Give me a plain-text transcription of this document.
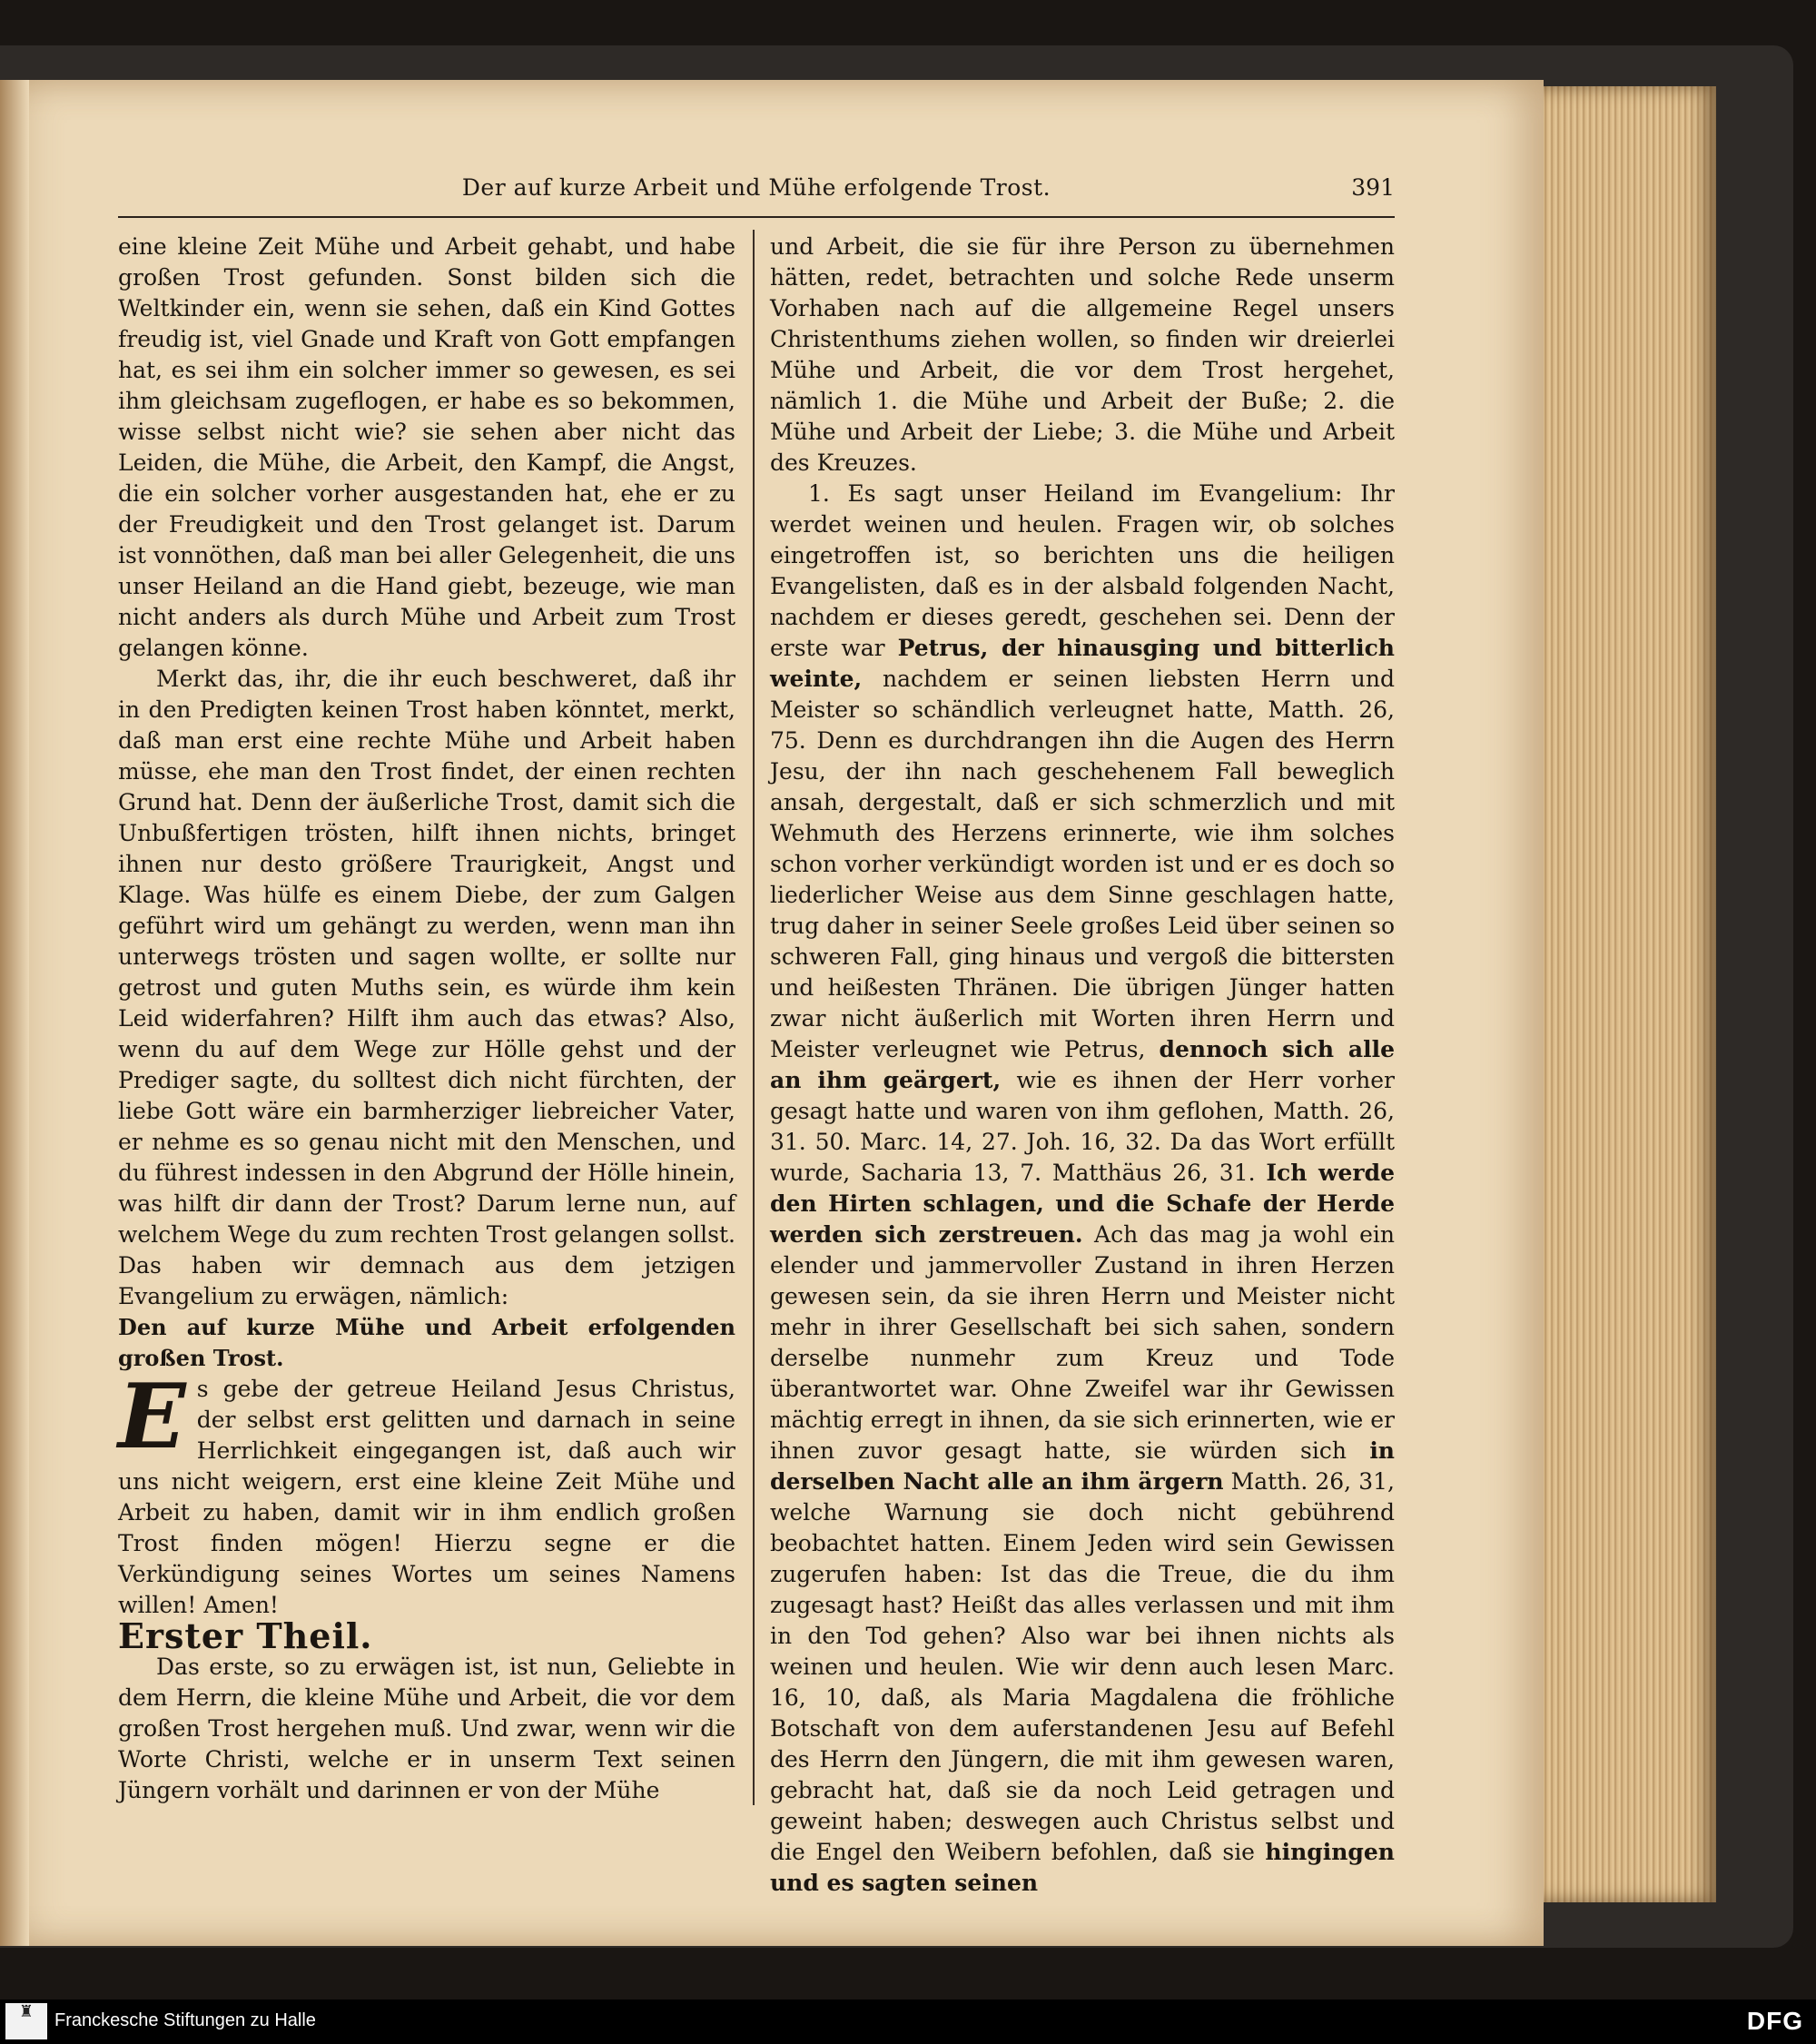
Der auf kurze Arbeit und Mühe erfolgende Trost.	391

eine kleine Zeit Mühe und Arbeit gehabt, und habe großen Trost gefunden. Sonst bilden sich die Weltkinder ein, wenn sie sehen, daß ein Kind Gottes freudig ist, viel Gnade und Kraft von Gott empfangen hat, es sei ihm ein solcher immer so gewesen, es sei ihm gleichsam zugeflogen, er habe es so bekommen, wisse selbst nicht wie? sie sehen aber nicht das Leiden, die Mühe, die Arbeit, den Kampf, die Angst, die ein solcher vorher ausgestanden hat, ehe er zu der Freudigkeit und den Trost gelanget ist. Darum ist vonnöthen, daß man bei aller Gelegenheit, die uns unser Heiland an die Hand giebt, bezeuge, wie man nicht anders als durch Mühe und Arbeit zum Trost gelangen könne.

Merkt das, ihr, die ihr euch beschweret, daß ihr in den Predigten keinen Trost haben könntet, merkt, daß man erst eine rechte Mühe und Arbeit haben müsse, ehe man den Trost findet, der einen rechten Grund hat. Denn der äußerliche Trost, damit sich die Unbußfertigen trösten, hilft ihnen nichts, bringet ihnen nur desto größere Traurigkeit, Angst und Klage. Was hülfe es einem Diebe, der zum Galgen geführt wird um gehängt zu werden, wenn man ihn unterwegs trösten und sagen wollte, er sollte nur getrost und guten Muths sein, es würde ihm kein Leid widerfahren? Hilft ihm auch das etwas? Also, wenn du auf dem Wege zur Hölle gehst und der Prediger sagte, du solltest dich nicht fürchten, der liebe Gott wäre ein barmherziger liebreicher Vater, er nehme es so genau nicht mit den Menschen, und du führest indessen in den Abgrund der Hölle hinein, was hilft dir dann der Trost? Darum lerne nun, auf welchem Wege du zum rechten Trost gelangen sollst. Das haben wir demnach aus dem jetzigen Evangelium zu erwägen, nämlich:

Den auf kurze Mühe und Arbeit erfolgenden großen Trost.

Es gebe der getreue Heiland Jesus Christus, der selbst erst gelitten und darnach in seine Herrlichkeit eingegangen ist, daß auch wir uns nicht weigern, erst eine kleine Zeit Mühe und Arbeit zu haben, damit wir in ihm endlich großen Trost finden mögen! Hierzu segne er die Verkündigung seines Wortes um seines Namens willen! Amen!

Erster Theil.

Das erste, so zu erwägen ist, ist nun, Geliebte in dem Herrn, die kleine Mühe und Arbeit, die vor dem großen Trost hergehen muß. Und zwar, wenn wir die Worte Christi, welche er in unserm Text seinen Jüngern vorhält und darinnen er von der Mühe

und Arbeit, die sie für ihre Person zu übernehmen hätten, redet, betrachten und solche Rede unserm Vorhaben nach auf die allgemeine Regel unsers Christenthums ziehen wollen, so finden wir dreierlei Mühe und Arbeit, die vor dem Trost hergehet, nämlich 1. die Mühe und Arbeit der Buße; 2. die Mühe und Arbeit der Liebe; 3. die Mühe und Arbeit des Kreuzes.

1. Es sagt unser Heiland im Evangelium: Ihr werdet weinen und heulen. Fragen wir, ob solches eingetroffen ist, so berichten uns die heiligen Evangelisten, daß es in der alsbald folgenden Nacht, nachdem er dieses geredt, geschehen sei. Denn der erste war Petrus, der hinausging und bitterlich weinte, nachdem er seinen liebsten Herrn und Meister so schändlich verleugnet hatte, Matth. 26, 75. Denn es durchdrangen ihn die Augen des Herrn Jesu, der ihn nach geschehenem Fall beweglich ansah, dergestalt, daß er sich schmerzlich und mit Wehmuth des Herzens erinnerte, wie ihm solches schon vorher verkündigt worden ist und er es doch so liederlicher Weise aus dem Sinne geschlagen hatte, trug daher in seiner Seele großes Leid über seinen so schweren Fall, ging hinaus und vergoß die bittersten und heißesten Thränen. Die übrigen Jünger hatten zwar nicht äußerlich mit Worten ihren Herrn und Meister verleugnet wie Petrus, dennoch sich alle an ihm geärgert, wie es ihnen der Herr vorher gesagt hatte und waren von ihm geflohen, Matth. 26, 31. 50. Marc. 14, 27. Joh. 16, 32. Da das Wort erfüllt wurde, Sacharia 13, 7. Matthäus 26, 31. Ich werde den Hirten schlagen, und die Schafe der Herde werden sich zerstreuen. Ach das mag ja wohl ein elender und jammervoller Zustand in ihren Herzen gewesen sein, da sie ihren Herrn und Meister nicht mehr in ihrer Gesellschaft bei sich sahen, sondern derselbe nunmehr zum Kreuz und Tode überantwortet war. Ohne Zweifel war ihr Gewissen mächtig erregt in ihnen, da sie sich erinnerten, wie er ihnen zuvor gesagt hatte, sie würden sich in derselben Nacht alle an ihm ärgern Matth. 26, 31, welche Warnung sie doch nicht gebührend beobachtet hatten. Einem Jeden wird sein Gewissen zugerufen haben: Ist das die Treue, die du ihm zugesagt hast? Heißt das alles verlassen und mit ihm in den Tod gehen? Also war bei ihnen nichts als weinen und heulen. Wie wir denn auch lesen Marc. 16, 10, daß, als Maria Magdalena die fröhliche Botschaft von dem auferstandenen Jesu auf Befehl des Herrn den Jüngern, die mit ihm gewesen waren, gebracht hat, daß sie da noch Leid getragen und geweint haben; deswegen auch Christus selbst und die Engel den Weibern befohlen, daß sie hingingen und es sagten seinen

♜	Franckesche Stiftungen zu Halle	DFG
